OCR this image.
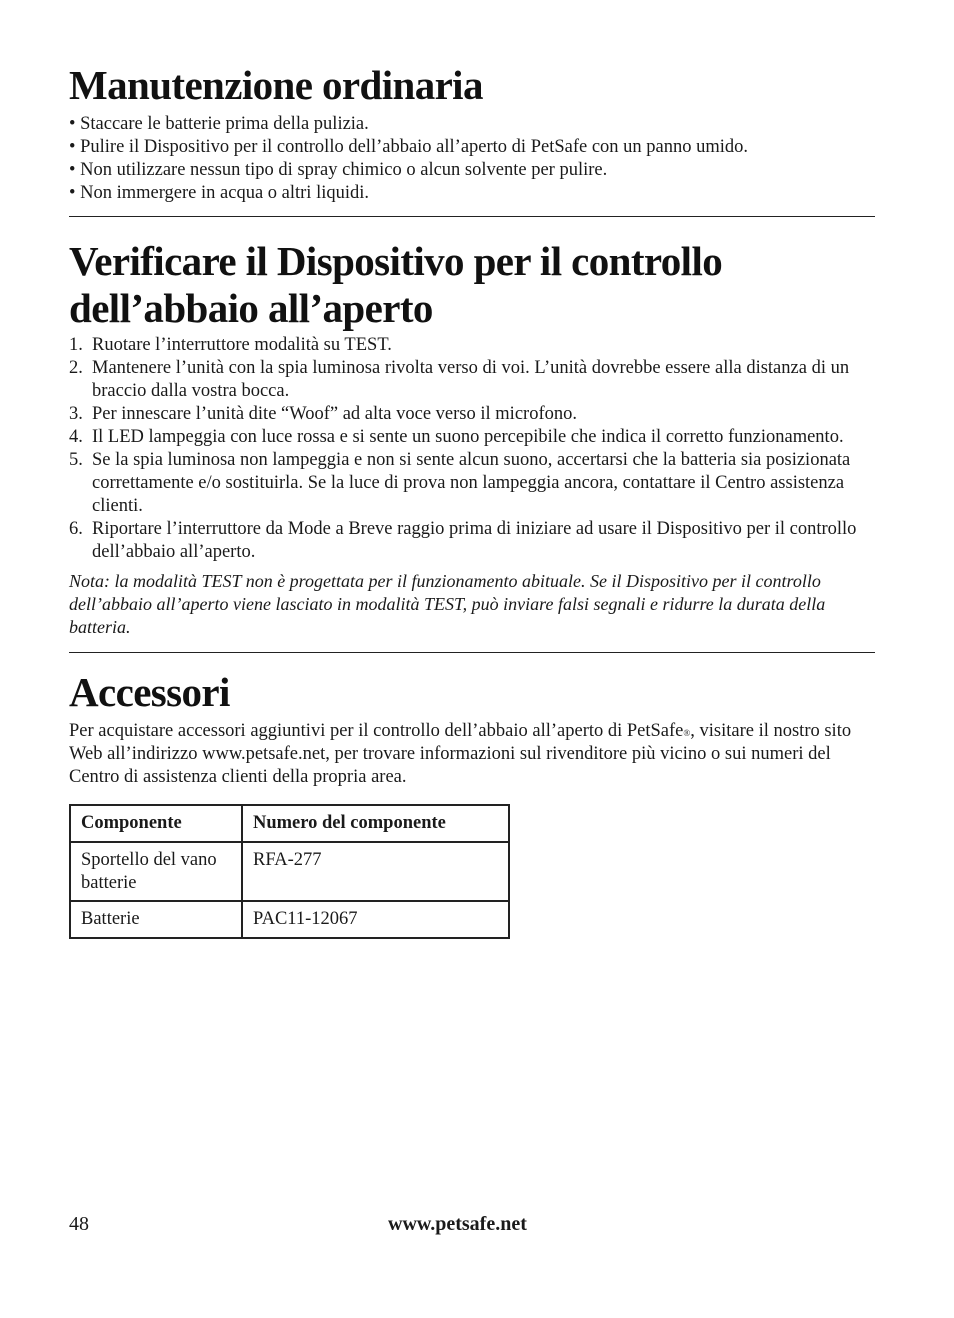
Manutenzione ordinaria
• Staccare le batterie prima della pulizia.
• Pulire il Dispositivo per il controllo dell’abbaio all’aperto di PetSafe con un panno umido.
• Non utilizzare nessun tipo di spray chimico o alcun solvente per pulire.
• Non immergere in acqua o altri liquidi.
Verificare il Dispositivo per il controllo
dell’abbaio all’aperto
1. Ruotare l’interruttore modalità su TEST.
2. Mantenere l’unità con la spia luminosa rivolta verso di voi. L’unità dovrebbe essere alla distanza di un braccio dalla vostra bocca.
3. Per innescare l’unità dite “Woof” ad alta voce verso il microfono.
4. Il LED lampeggia con luce rossa e si sente un suono percepibile che indica il corretto funzionamento.
5. Se la spia luminosa non lampeggia e non si sente alcun suono, accertarsi che la batteria sia posizionata correttamente e/o sostituirla. Se la luce di prova non lampeggia ancora, contattare il Centro assistenza clienti.
6. Riportare l’interruttore da Mode a Breve raggio prima di iniziare ad usare il Dispositivo per il controllo dell’abbaio all’aperto.
Nota: la modalità TEST non è progettata per il funzionamento abituale. Se il Dispositivo per il controllo dell’abbaio all’aperto viene lasciato in modalità TEST, può inviare falsi segnali e ridurre la durata della batteria.
Accessori

Per acquistare accessori aggiuntivi per il controllo dell’abbaio all’aperto di PetSafe®, visitare il nostro sito Web all’indirizzo www.petsafe.net, per trovare informazioni sul rivenditore più vicino o sui numeri del Centro di assistenza clienti della propria area.

Componente	Numero del componente
Sportello del vano batterie	RFA-277
Batterie	PAC11-12067
48	www.petsafe.net
